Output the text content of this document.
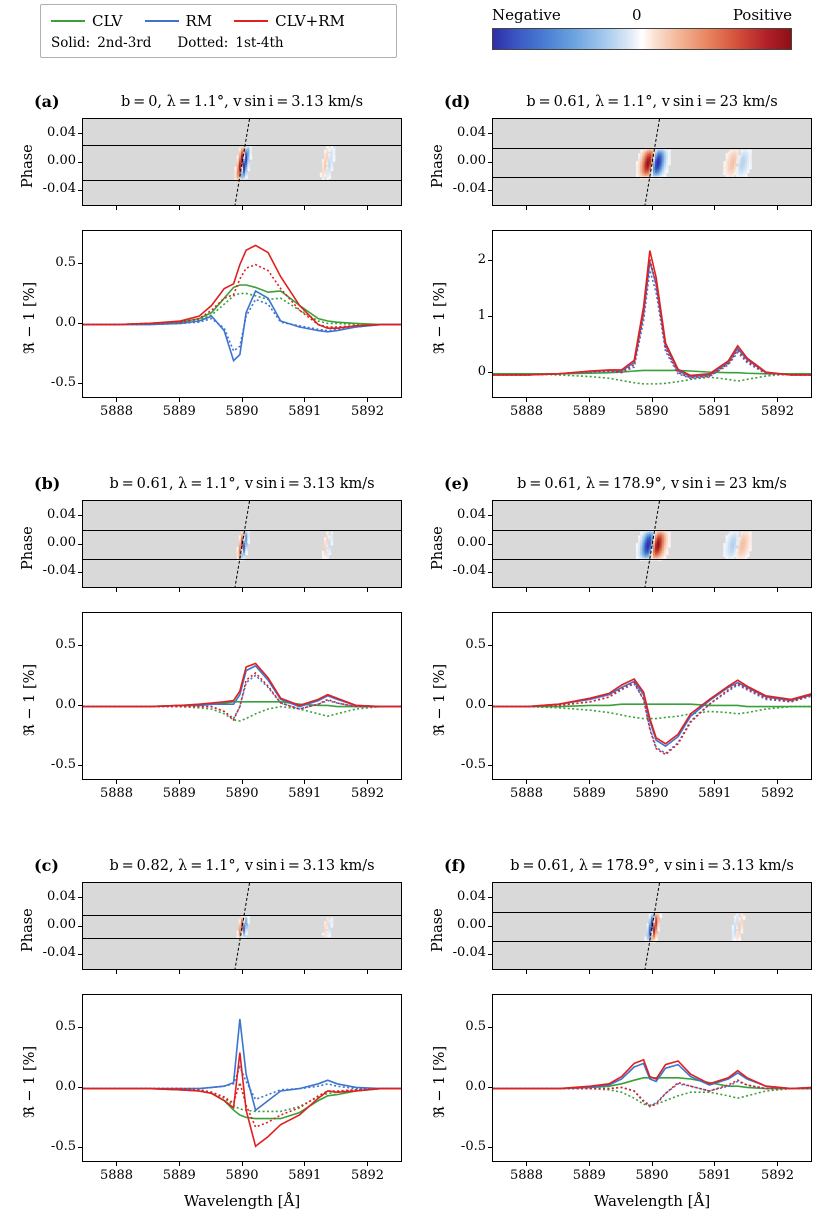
CLV	RM	CLV+RM
Solid: 2nd-3rd Dotted: 1st-4th
Negative	0	Positive
(a)	b = 0, λ = 1.1°, v sin i = 3.13 km/s
-0.04
0.00
0.04
Phase
-0.5
0.0
0.5
ℜ − 1 [%]
5888	5889	5890	5891	5892
(b)	b = 0.61, λ = 1.1°, v sin i = 3.13 km/s
-0.04
0.00
0.04
Phase
-0.5
0.0
0.5
ℜ − 1 [%]
5888	5889	5890	5891	5892
(c)	b = 0.82, λ = 1.1°, v sin i = 3.13 km/s
-0.04
0.00
0.04
Phase
-0.5
0.0
0.5
ℜ − 1 [%]
5888	5889	5890	5891	5892
Wavelength [Å]
(d)	b = 0.61, λ = 1.1°, v sin i = 23 km/s
-0.04
0.00
0.04
Phase
0
1
2
ℜ − 1 [%]
5888	5889	5890	5891	5892
(e)	b = 0.61, λ = 178.9°, v sin i = 23 km/s
-0.04
0.00
0.04
Phase
-0.5
0.0
0.5
ℜ − 1 [%]
5888	5889	5890	5891	5892
(f)	b = 0.61, λ = 178.9°, v sin i = 3.13 km/s
-0.04
0.00
0.04
Phase
-0.5
0.0
0.5
ℜ − 1 [%]
5888	5889	5890	5891	5892
Wavelength [Å]
